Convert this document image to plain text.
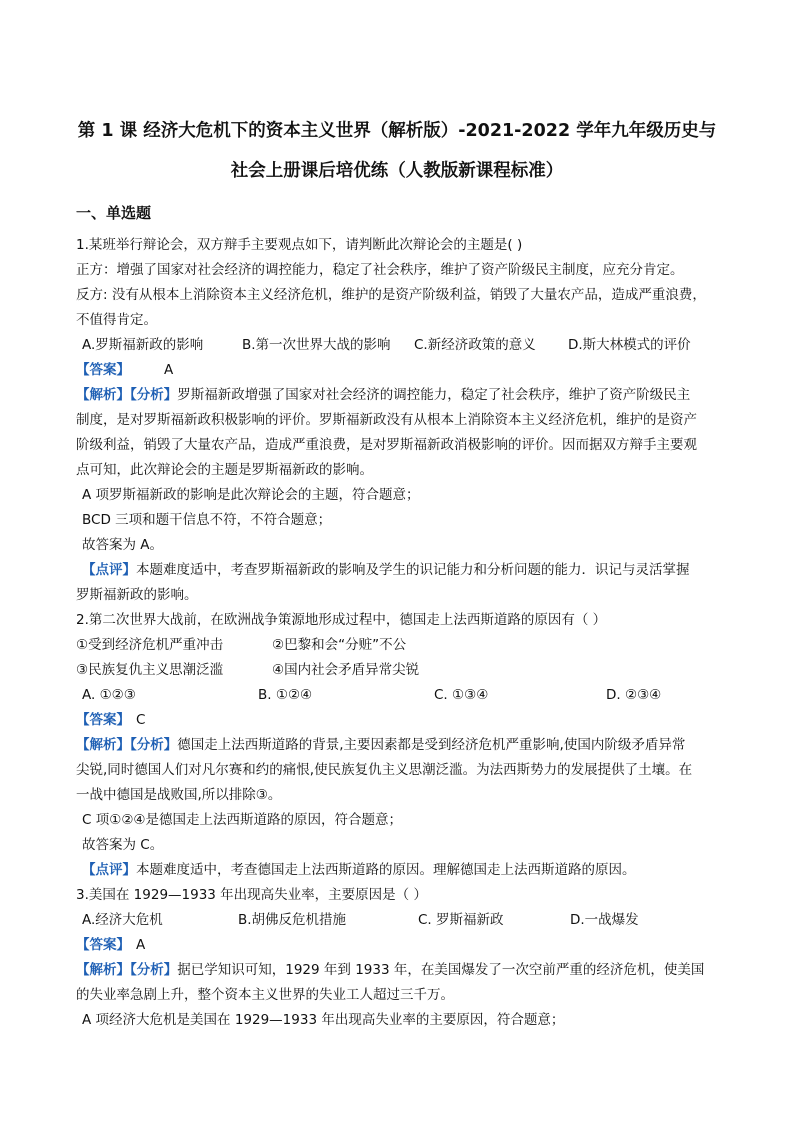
第 1 课 经济大危机下的资本主义世界（解析版）-2021-2022 学年九年级历史与
社会上册课后培优练（人教版新课程标准）
一、单选题
1.某班举行辩论会，双方辩手主要观点如下，请判断此次辩论会的主题是( )
正方：增强了国家对社会经济的调控能力，稳定了社会秩序，维护了资产阶级民主制度，应充分肯定。
反方: 没有从根本上消除资本主义经济危机，维护的是资产阶级利益，销毁了大量农产品，造成严重浪费，
不值得肯定。
A.罗斯福新政的影响	B.第一次世界大战的影响 C.新经济政策的意义 D.斯大林模式的评价
【答案】	A
【解析】【分析】罗斯福新政增强了国家对社会经济的调控能力，稳定了社会秩序，维护了资产阶级民主
制度，是对罗斯福新政积极影响的评价。罗斯福新政没有从根本上消除资本主义经济危机，维护的是资产
阶级利益，销毁了大量农产品，造成严重浪费，是对罗斯福新政消极影响的评价。因而据双方辩手主要观
点可知，此次辩论会的主题是罗斯福新政的影响。
A 项罗斯福新政的影响是此次辩论会的主题，符合题意；
BCD 三项和题干信息不符，不符合题意；
故答案为 A。
【点评】本题难度适中，考查罗斯福新政的影响及学生的识记能力和分析问题的能力．识记与灵活掌握
罗斯福新政的影响。
2.第二次世界大战前，在欧洲战争策源地形成过程中，德国走上法西斯道路的原因有（ ）
①受到经济危机严重冲击	②巴黎和会“分赃”不公
③民族复仇主义思潮泛滥	④国内社会矛盾异常尖锐
A. ①②③	B. ①②④	C. ①③④	D. ②③④
【答案】 C
【解析】【分析】德国走上法西斯道路的背景,主要因素都是受到经济危机严重影响,使国内阶级矛盾异常
尖锐,同时德国人们对凡尔赛和约的痛恨,使民族复仇主义思潮泛滥。为法西斯势力的发展提供了土壤。在
一战中德国是战败国,所以排除③。
C 项①②④是德国走上法西斯道路的原因，符合题意；
故答案为 C。
【点评】本题难度适中，考查德国走上法西斯道路的原因。理解德国走上法西斯道路的原因。
3.美国在 1929—1933 年出现高失业率，主要原因是（ ）
A.经济大危机	B.胡佛反危机措施	C. 罗斯福新政	D.一战爆发
【答案】 A
【解析】【分析】据已学知识可知，1929 年到 1933 年，在美国爆发了一次空前严重的经济危机，使美国
的失业率急剧上升，整个资本主义世界的失业工人超过三千万。
A 项经济大危机是美国在 1929—1933 年出现高失业率的主要原因，符合题意；
